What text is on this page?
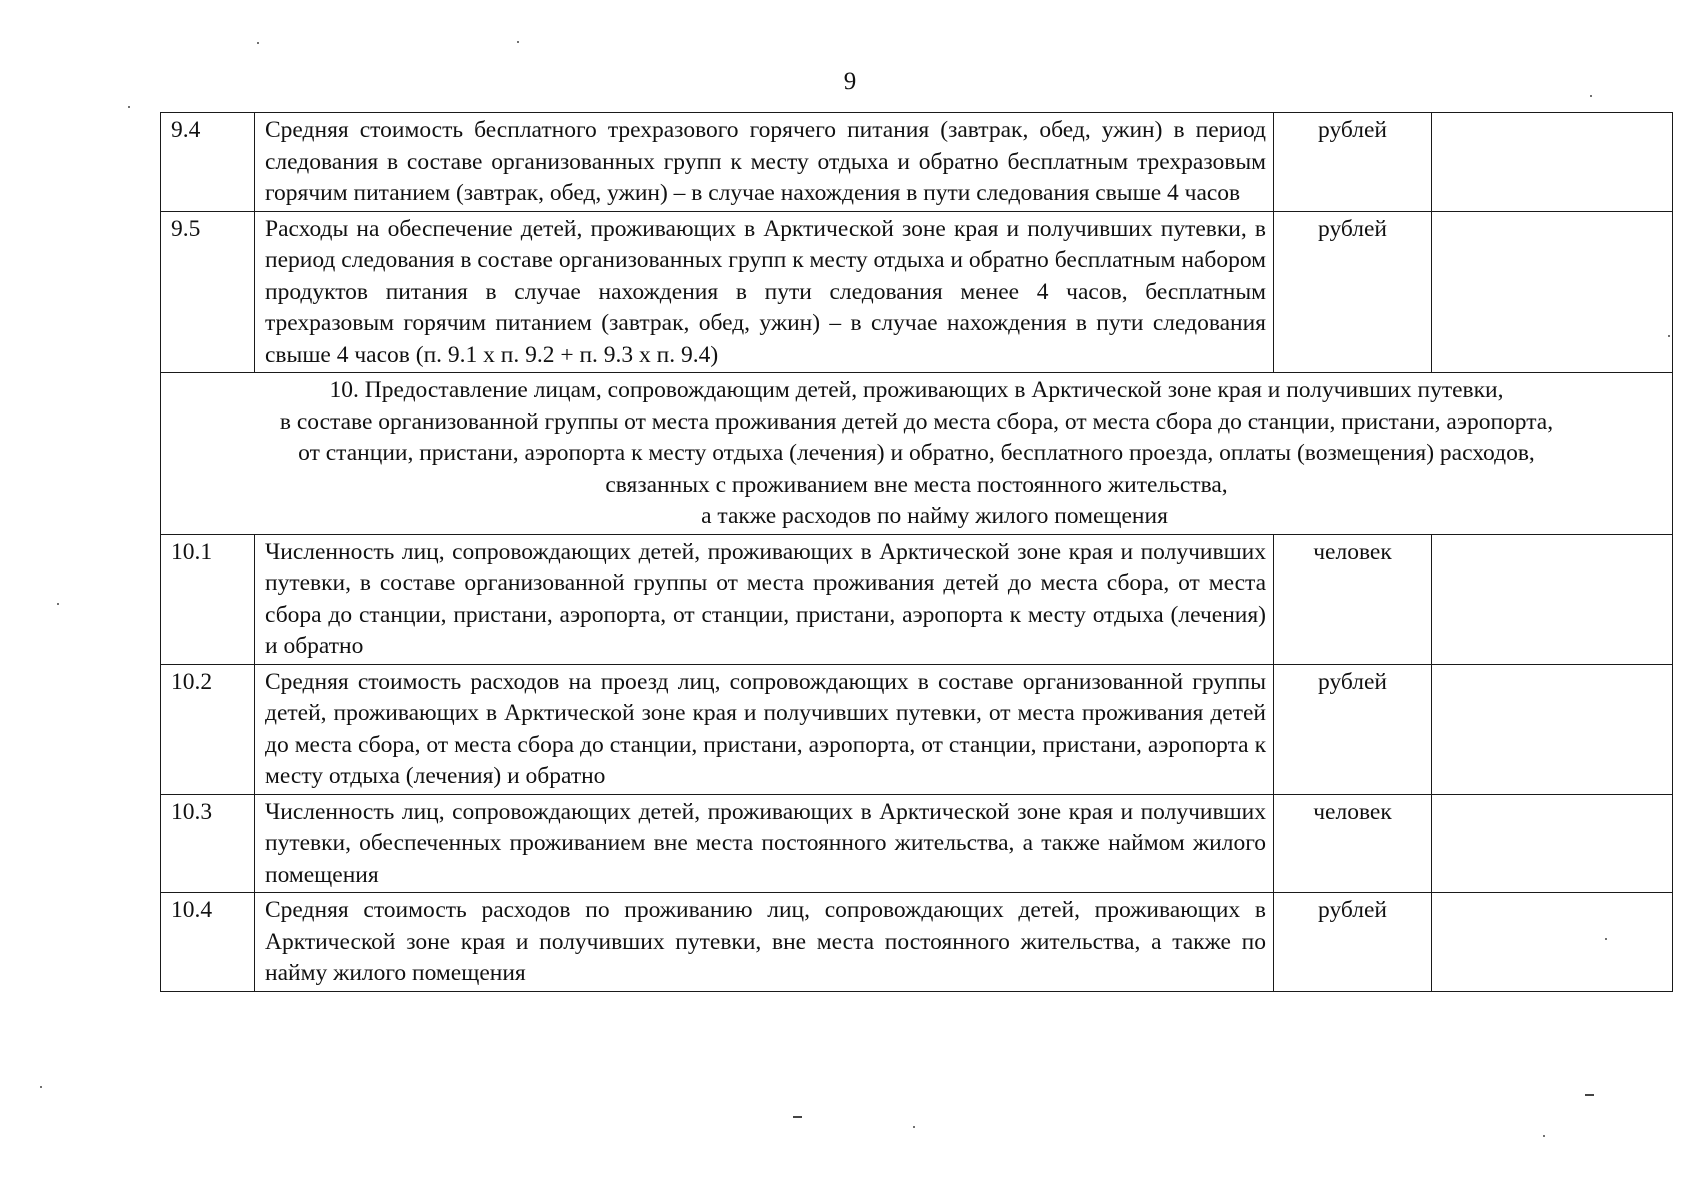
9
9.4	Средняя стоимость бесплатного трехразового горячего питания (завтрак, обед, ужин) в период следования в составе организованных групп к месту отдыха и обратно бесплатным трехразовым горячим питанием (завтрак, обед, ужин) – в случае нахождения в пути следования свыше 4 часов	рублей	
9.5	Расходы на обеспечение детей, проживающих в Арктической зоне края и получивших путевки, в период следования в составе организованных групп к месту отдыха и обратно бесплатным набором продуктов питания в случае нахождения в пути следования менее 4 часов, бесплатным трехразовым горячим питанием (завтрак, обед, ужин) – в случае нахождения в пути следования свыше 4 часов (п. 9.1 x п. 9.2 + п. 9.3 x п. 9.4)	рублей	

10. Предоставление лицам, сопровождающим детей, проживающих в Арктической зоне края и получивших путевки,
в составе организованной группы от места проживания детей до места сбора, от места сбора до станции, пристани, аэропорта,
от станции, пристани, аэропорта к месту отдыха (лечения) и обратно, бесплатного проезда, оплаты (возмещения) расходов,
связанных с проживанием вне места постоянного жительства,
а также расходов по найму жилого помещения			

10.1	Численность лиц, сопровождающих детей, проживающих в Арктической зоне края и получивших путевки, в составе организованной группы от места проживания детей до места сбора, от места сбора до станции, пристани, аэропорта, от станции, пристани, аэропорта к месту отдыха (лечения) и обратно	человек	
10.2	Средняя стоимость расходов на проезд лиц, сопровождающих в составе организованной группы детей, проживающих в Арктической зоне края и получивших путевки, от места проживания детей до места сбора, от места сбора до станции, пристани, аэропорта, от станции, пристани, аэропорта к месту отдыха (лечения) и обратно	рублей	
10.3	Численность лиц, сопровождающих детей, проживающих в Арктической зоне края и получивших путевки, обеспеченных проживанием вне места постоянного жительства, а также наймом жилого помещения	человек	
10.4	Средняя стоимость расходов по проживанию лиц, сопровождающих детей, проживающих в Арктической зоне края и получивших путевки, вне места постоянного жительства, а также по найму жилого помещения	рублей	
